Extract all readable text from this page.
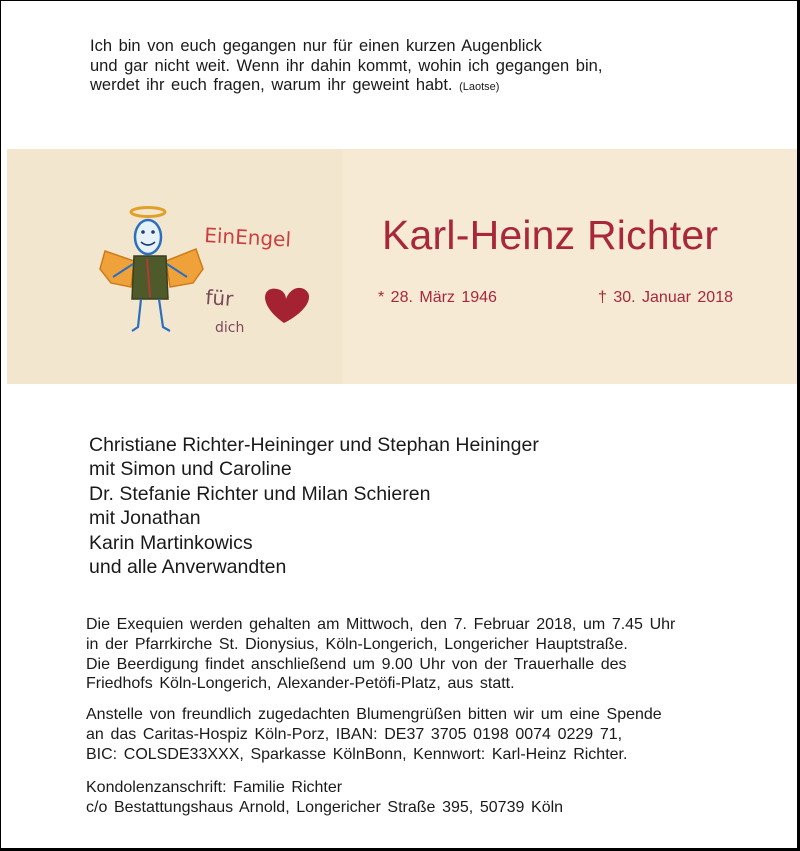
Ich bin von euch gegangen nur für einen kurzen Augenblick
und gar nicht weit. Wenn ihr dahin kommt, wohin ich gegangen bin,
werdet ihr euch fragen, warum ihr geweint habt. (Laotse)
EinEngel
für
dich
Karl-Heinz Richter
* 28. März 1946	† 30. Januar 2018
Christiane Richter-Heininger und Stephan Heininger
mit Simon und Caroline
Dr. Stefanie Richter und Milan Schieren
mit Jonathan
Karin Martinkowics
und alle Anverwandten
Die Exequien werden gehalten am Mittwoch, den 7. Februar 2018, um 7.45 Uhr
in der Pfarrkirche St. Dionysius, Köln-Longerich, Longericher Hauptstraße.
Die Beerdigung findet anschließend um 9.00 Uhr von der Trauerhalle des
Friedhofs Köln-Longerich, Alexander-Petöfi-Platz, aus statt.
Anstelle von freundlich zugedachten Blumengrüßen bitten wir um eine Spende
an das Caritas-Hospiz Köln-Porz, IBAN: DE37 3705 0198 0074 0229 71,
BIC: COLSDE33XXX, Sparkasse KölnBonn, Kennwort: Karl-Heinz Richter.
Kondolenzanschrift: Familie Richter
c/o Bestattungshaus Arnold, Longericher Straße 395, 50739 Köln
